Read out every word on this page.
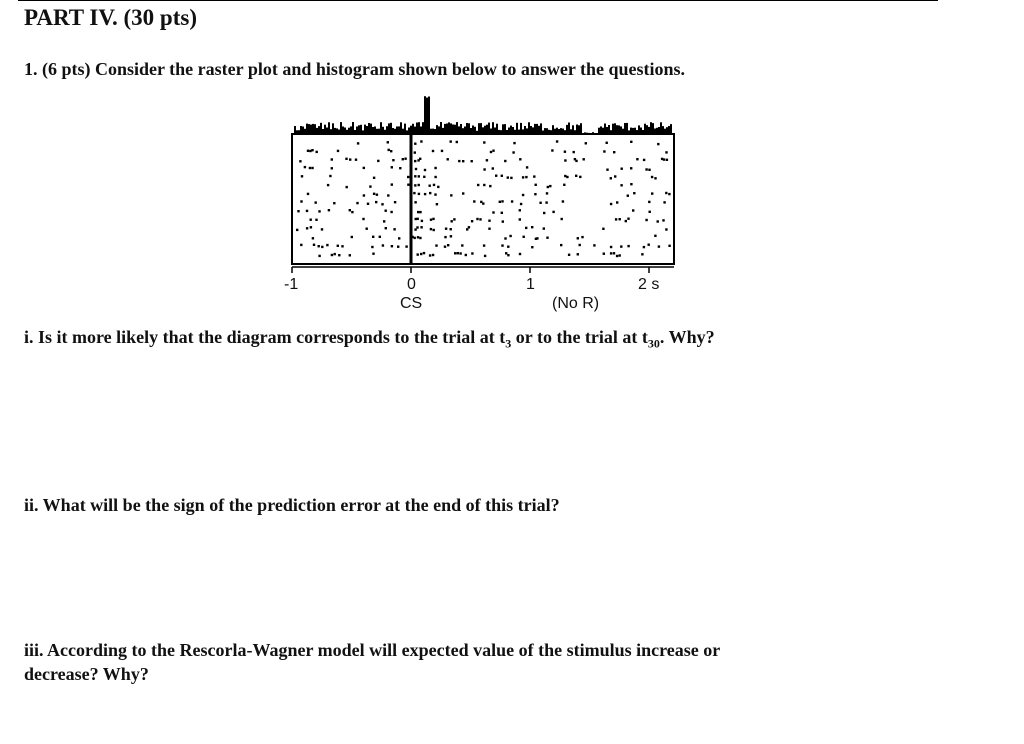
PART IV. (30 pts)
1. (6 pts) Consider the raster plot and histogram shown below to answer the questions.
-1	0	1	2 s
CS	(No R)
i. Is it more likely that the diagram corresponds to the trial at $t_3$ or to the trial at $t_{30}$. Why?
ii. What will be the sign of the prediction error at the end of this trial?
iii. According to the Rescorla-Wagner model will expected value of the stimulus increase or
decrease? Why?
